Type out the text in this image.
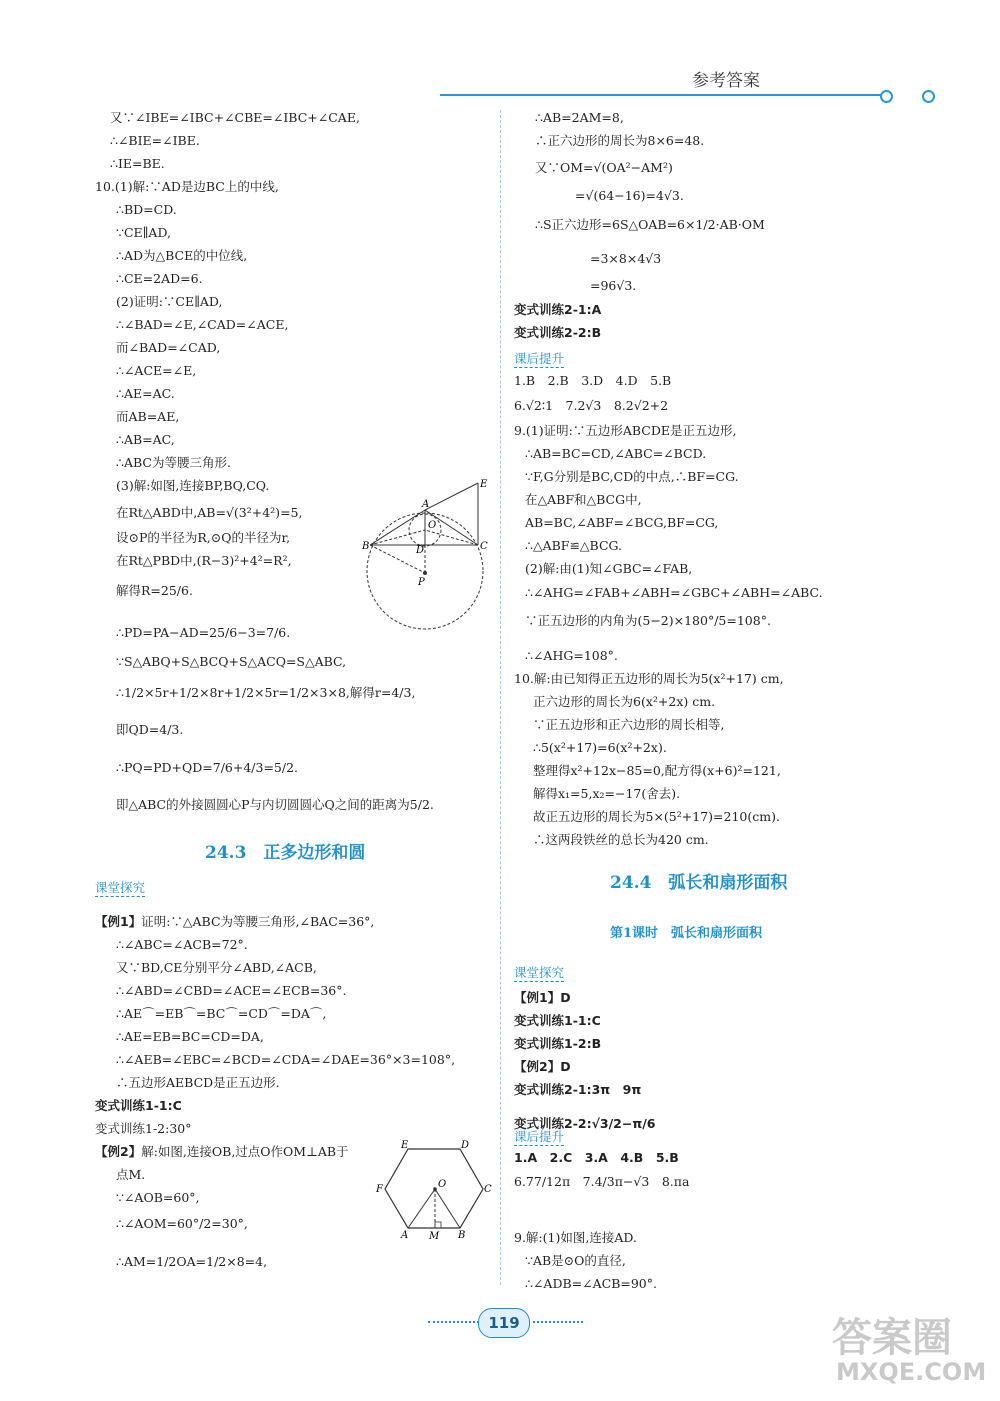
参考答案
又∵∠IBE=∠IBC+∠CBE=∠IBC+∠CAE,
∴∠BIE=∠IBE.
∴IE=BE.
10.(1)解:∵AD是边BC上的中线,
∴BD=CD.
∵CE∥AD,
∴AD为△BCE的中位线,
∴CE=2AD=6.
(2)证明:∵CE∥AD,
∴∠BAD=∠E,∠CAD=∠ACE,
而∠BAD=∠CAD,
∴∠ACE=∠E,
∴AE=AC.
而AB=AE,
∴AB=AC,
∴ABC为等腰三角形.
(3)解:如图,连接BP,BQ,CQ.
在Rt△ABD中,AB=√(3²+4²)=5,
设⊙P的半径为R,⊙Q的半径为r,
在Rt△PBD中,(R−3)²+4²=R²,
解得R=25/6.
∴PD=PA−AD=25/6−3=7/6.
∵S△ABQ+S△BCQ+S△ACQ=S△ABC,
∴1/2×5r+1/2×8r+1/2×5r=1/2×3×8,解得r=4/3,
即QD=4/3.
∴PQ=PD+QD=7/6+4/3=5/2.
即△ABC的外接圆圆心P与内切圆圆心Q之间的距离为5/2.
∴∠ABC=∠ACB=72°.
又∵BD,CE分别平分∠ABD,∠ACB,
∴∠ABD=∠CBD=∠ACE=∠ECB=36°.
∴AE⌒=EB⌒=BC⌒=CD⌒=DA⌒,
∴AE=EB=BC=CD=DA,
∴∠AEB=∠EBC=∠BCD=∠CDA=∠DAE=36°×3=108°,
∴五边形AEBCD是正五边形.
变式训练1-2:30°
点M.
∵∠AOB=60°,
∴∠AOM=60°/2=30°,
∴AM=1/2OA=1/2×8=4,
【例1】证明:∵△ABC为等腰三角形,∠BAC=36°,
变式训练1-1:C
【例2】解:如图,连接OB,过点O作OM⊥AB于
∴AB=2AM=8,
∴正六边形的周长为8×6=48.
又∵OM=√(OA²−AM²)
=√(64−16)=4√3.
∴S正六边形=6S△OAB=6×1/2·AB·OM
=3×8×4√3
=96√3.
1.B　2.B　3.D　4.D　5.B
6.√2∶1　7.2√3　8.2√2+2
9.(1)证明:∵五边形ABCDE是正五边形,
∴AB=BC=CD,∠ABC=∠BCD.
∵F,G分别是BC,CD的中点,∴BF=CG.
在△ABF和△BCG中,
AB=BC,∠ABF=∠BCG,BF=CG,
∴△ABF≌△BCG.
(2)解:由(1)知∠GBC=∠FAB,
∴∠AHG=∠FAB+∠ABH=∠GBC+∠ABH=∠ABC.
∵正五边形的内角为(5−2)×180°/5=108°.
∴∠AHG=108°.
10.解:由已知得正五边形的周长为5(x²+17) cm,
正六边形的周长为6(x²+2x) cm.
∵正五边形和正六边形的周长相等,
∴5(x²+17)=6(x²+2x).
整理得x²+12x−85=0,配方得(x+6)²=121,
解得x₁=5,x₂=−17(舍去).
故正五边形的周长为5×(5²+17)=210(cm).
∴这两段铁丝的总长为420 cm.
6.77/12π　7.4/3π−√3　8.πa
9.解:(1)如图,连接AD.
∵AB是⊙O的直径,
∴∠ADB=∠ACB=90°.
变式训练2-1:A
变式训练2-2:B
【例1】D
变式训练1-1:C
变式训练1-2:B
【例2】D
变式训练2-1:3π　9π
变式训练2-2:√3/2−π/6
1.A　2.C　3.A　4.B　5.B
24.3　正多边形和圆
课堂探究
课后提升
24.4　弧长和扇形面积
第1课时　弧长和扇形面积
课堂探究
课后提升
A
B	C
D
E
O
P
E	D
F	C
A	B
O
M
119	答案圈
MXQE.COM
